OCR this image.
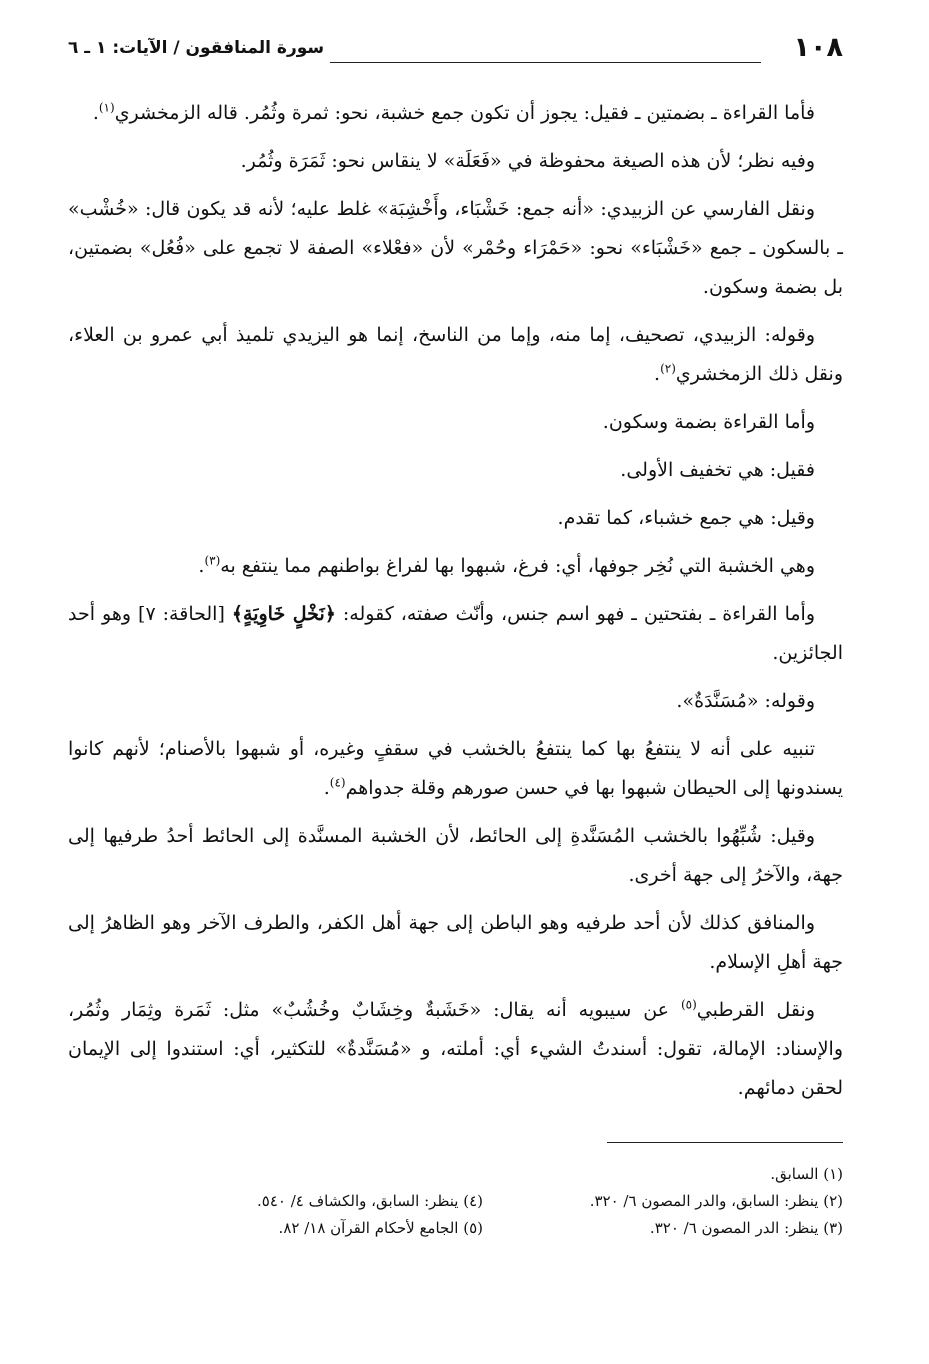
١٠٨
سورة المنافقون / الآيات: ١ ـ ٦

فأما القراءة ـ بضمتين ـ فقيل: يجوز أن تكون جمع خشبة، نحو: ثمرة وثُمُر. قاله الزمخشري$^{(١)}$.

وفيه نظر؛ لأن هذه الصيغة محفوظة في «فَعَلَة» لا ينقاس نحو: ثَمَرَة وثُمُر.

ونقل الفارسي عن الزبيدي: «أنه جمع: خَشْبَاء، وأَخْشِبَة» غلط عليه؛ لأنه قد يكون قال: «خُشْب» ـ بالسكون ـ جمع «خَشْبَاء» نحو: «حَمْرَاء وحُمْر» لأن «فعْلاء» الصفة لا تجمع على «فُعُل» بضمتين، بل بضمة وسكون.

وقوله: الزبيدي، تصحيف، إما منه، وإما من الناسخ، إنما هو اليزيدي تلميذ أبي عمرو بن العلاء، ونقل ذلك الزمخشري$^{(٢)}$.

وأما القراءة بضمة وسكون.

فقيل: هي تخفيف الأولى.

وقيل: هي جمع خشباء، كما تقدم.

وهي الخشبة التي نُخِر جوفها، أي: فرغ، شبهوا بها لفراغ بواطنهم مما ينتفع به$^{(٣)}$.

وأما القراءة ـ بفتحتين ـ فهو اسم جنس، وأنّث صفته، كقوله: ﴿نَخْلٍ خَاوِيَةٍ﴾ [الحاقة: ٧] وهو أحد الجائزين.

وقوله: «مُسَنَّدَةٌ».

تنبيه على أنه لا ينتفعُ بها كما ينتفعُ بالخشب في سقفٍ وغيره، أو شبهوا بالأصنام؛ لأنهم كانوا يسندونها إلى الحيطان شبهوا بها في حسن صورهم وقلة جدواهم$^{(٤)}$.

وقيل: شُبِّهُوا بالخشب المُسَنَّدةِ إلى الحائط، لأن الخشبة المسنَّدة إلى الحائط أحدُ طرفيها إلى جهة، والآخرُ إلى جهة أخرى.

والمنافق كذلك لأن أحد طرفيه وهو الباطن إلى جهة أهل الكفر، والطرف الآخر وهو الظاهرُ إلى جهة أهلِ الإسلام.

ونقل القرطبي$^{(٥)}$ عن سيبويه أنه يقال: «خَشَبةٌ وخِشَابٌ وخُشُبٌ» مثل: ثَمَرة وثِمَار وثُمُر، والإسناد: الإمالة، تقول: أسندتُ الشيء أي: أملته، و «مُسَنَّدةٌ» للتكثير، أي: استندوا إلى الإيمان لحقن دمائهم.

(١) السابق.
(٢) ينظر: السابق، والدر المصون ٦/ ٣٢٠.
(٤) ينظر: السابق، والكشاف ٤/ ٥٤٠.
(٣) ينظر: الدر المصون ٦/ ٣٢٠.
(٥) الجامع لأحكام القرآن ١٨/ ٨٢.
